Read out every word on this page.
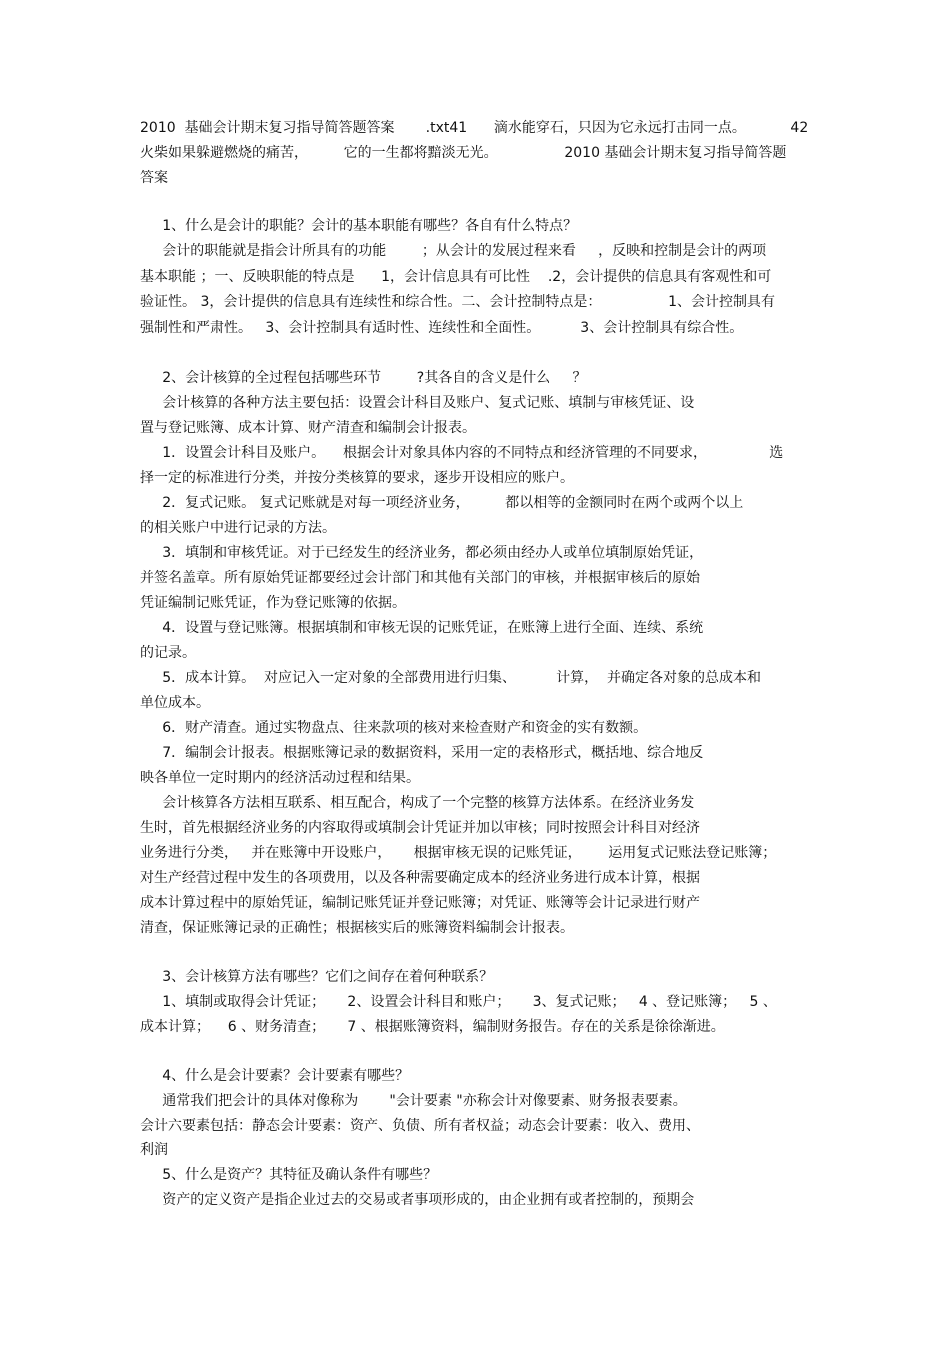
2010  基础会计期末复习指导简答题答案       .txt41      滴水能穿石，只因为它永远打击同一点。          42
火柴如果躲避燃烧的痛苦，        它的一生都将黯淡无光。               2010 基础会计期末复习指导简答题
答案
1、什么是会计的职能？会计的基本职能有哪些？各自有什么特点？
会计的职能就是指会计所具有的功能        ；从会计的发展过程来看     ，反映和控制是会计的两项
基本职能 ；一、反映职能的特点是      1，会计信息具有可比性    .2，会计提供的信息具有客观性和可
验证性。 3，会计提供的信息具有连续性和综合性。二、会计控制特点是：               1、会计控制具有
强制性和严肃性。   3、会计控制具有适时性、连续性和全面性。         3、会计控制具有综合性。
2、会计核算的全过程包括哪些环节        ?其各自的含义是什么     ？
会计核算的各种方法主要包括：设置会计科目及账户、复式记账、填制与审核凭证、设
置与登记账簿、成本计算、财产清查和编制会计报表。
1．设置会计科目及账户。    根据会计对象具体内容的不同特点和经济管理的不同要求，              选
择一定的标准进行分类，并按分类核算的要求，逐步开设相应的账户。
2．复式记账。 复式记账就是对每一项经济业务，        都以相等的金额同时在两个或两个以上
的相关账户中进行记录的方法。
3．填制和审核凭证。对于已经发生的经济业务，都必须由经办人或单位填制原始凭证，
并签名盖章。所有原始凭证都要经过会计部门和其他有关部门的审核，并根据审核后的原始
凭证编制记账凭证，作为登记账簿的依据。
4．设置与登记账簿。根据填制和审核无误的记账凭证，在账簿上进行全面、连续、系统
的记录。
5．成本计算。  对应记入一定对象的全部费用进行归集、         计算，  并确定各对象的总成本和
单位成本。
6．财产清查。通过实物盘点、往来款项的核对来检查财产和资金的实有数额。
7．编制会计报表。根据账簿记录的数据资料，采用一定的表格形式，概括地、综合地反
映各单位一定时期内的经济活动过程和结果。
会计核算各方法相互联系、相互配合，构成了一个完整的核算方法体系。在经济业务发
生时，首先根据经济业务的内容取得或填制会计凭证并加以审核；同时按照会计科目对经济
业务进行分类，   并在账簿中开设账户，     根据审核无误的记账凭证，      运用复式记账法登记账簿；
对生产经营过程中发生的各项费用，以及各种需要确定成本的经济业务进行成本计算，根据
成本计算过程中的原始凭证，编制记账凭证并登记账簿；对凭证、账簿等会计记录进行财产
清查，保证账簿记录的正确性；根据核实后的账簿资料编制会计报表。
3、会计核算方法有哪些？它们之间存在着何种联系？
1、填制或取得会计凭证；     2、设置会计科目和账户；     3、复式记账；   4 、登记账簿；   5 、
成本计算；    6 、财务清查；     7 、根据账簿资料，编制财务报告。存在的关系是徐徐渐进。
4、什么是会计要素？会计要素有哪些？
通常我们把会计的具体对像称为       "会计要素 "亦称会计对像要素、财务报表要素。
会计六要素包括：静态会计要素：资产、负债、所有者权益；动态会计要素：收入、费用、
利润
5、什么是资产？其特征及确认条件有哪些？
资产的定义资产是指企业过去的交易或者事项形成的，由企业拥有或者控制的，预期会
